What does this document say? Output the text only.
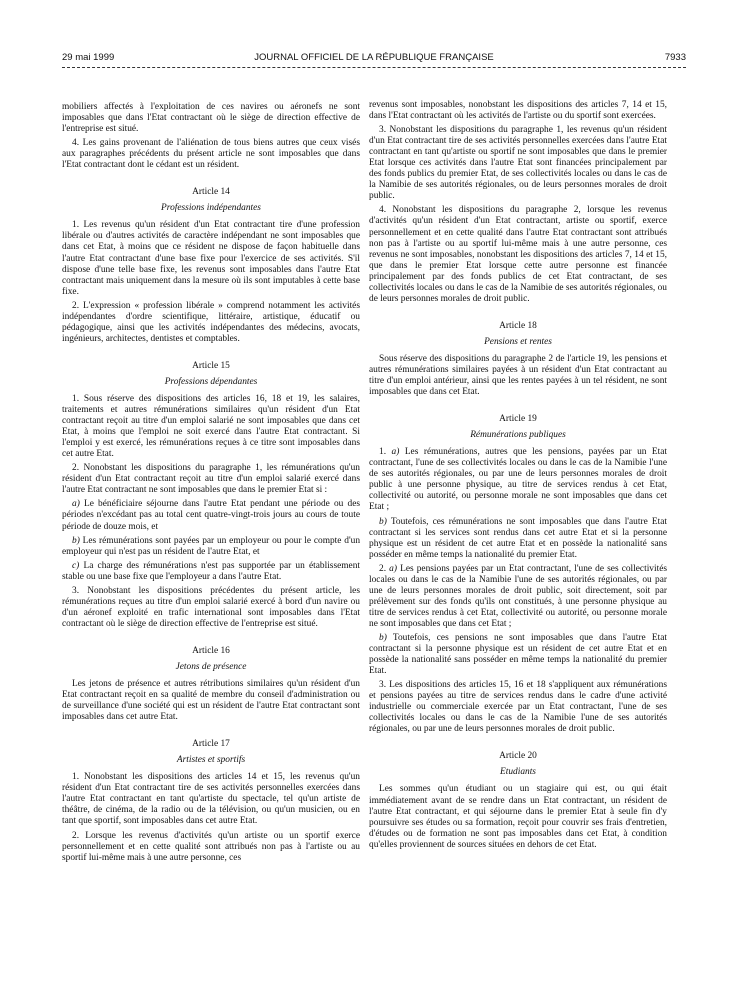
29 mai 1999	JOURNAL OFFICIEL DE LA RÉPUBLIQUE FRANÇAISE	7933

mobiliers affectés à l'exploitation de ces navires ou aéronefs ne sont imposables que dans l'Etat contractant où le siège de direction effective de l'entreprise est situé.

4. Les gains provenant de l'aliénation de tous biens autres que ceux visés aux paragraphes précédents du présent article ne sont imposables que dans l'Etat contractant dont le cédant est un résident.

Article 14
Professions indépendantes

1. Les revenus qu'un résident d'un Etat contractant tire d'une profession libérale ou d'autres activités de caractère indépendant ne sont imposables que dans cet Etat, à moins que ce résident ne dispose de façon habituelle dans l'autre Etat contractant d'une base fixe pour l'exercice de ses activités. S'il dispose d'une telle base fixe, les revenus sont imposables dans l'autre Etat contractant mais uniquement dans la mesure où ils sont imputables à cette base fixe.

2. L'expression « profession libérale » comprend notamment les activités indépendantes d'ordre scientifique, littéraire, artistique, éducatif ou pédagogique, ainsi que les activités indépendantes des médecins, avocats, ingénieurs, architectes, dentistes et comptables.

Article 15
Professions dépendantes

1. Sous réserve des dispositions des articles 16, 18 et 19, les salaires, traitements et autres rémunérations similaires qu'un résident d'un Etat contractant reçoit au titre d'un emploi salarié ne sont imposables que dans cet Etat, à moins que l'emploi ne soit exercé dans l'autre Etat contractant. Si l'emploi y est exercé, les rémunérations reçues à ce titre sont imposables dans cet autre Etat.

2. Nonobstant les dispositions du paragraphe 1, les rémunérations qu'un résident d'un Etat contractant reçoit au titre d'un emploi salarié exercé dans l'autre Etat contractant ne sont imposables que dans le premier Etat si :

a) Le bénéficiaire séjourne dans l'autre Etat pendant une période ou des périodes n'excédant pas au total cent quatre-vingt-trois jours au cours de toute période de douze mois, et

b) Les rémunérations sont payées par un employeur ou pour le compte d'un employeur qui n'est pas un résident de l'autre Etat, et

c) La charge des rémunérations n'est pas supportée par un établissement stable ou une base fixe que l'employeur a dans l'autre Etat.

3. Nonobstant les dispositions précédentes du présent article, les rémunérations reçues au titre d'un emploi salarié exercé à bord d'un navire ou d'un aéronef exploité en trafic international sont imposables dans l'Etat contractant où le siège de direction effective de l'entreprise est situé.

Article 16
Jetons de présence

Les jetons de présence et autres rétributions similaires qu'un résident d'un Etat contractant reçoit en sa qualité de membre du conseil d'administration ou de surveillance d'une société qui est un résident de l'autre Etat contractant sont imposables dans cet autre Etat.

Article 17
Artistes et sportifs

1. Nonobstant les dispositions des articles 14 et 15, les revenus qu'un résident d'un Etat contractant tire de ses activités personnelles exercées dans l'autre Etat contractant en tant qu'artiste du spectacle, tel qu'un artiste de théâtre, de cinéma, de la radio ou de la télévision, ou qu'un musicien, ou en tant que sportif, sont imposables dans cet autre Etat.

2. Lorsque les revenus d'activités qu'un artiste ou un sportif exerce personnellement et en cette qualité sont attribués non pas à l'artiste ou au sportif lui-même mais à une autre personne, ces

revenus sont imposables, nonobstant les dispositions des articles 7, 14 et 15, dans l'Etat contractant où les activités de l'artiste ou du sportif sont exercées.

3. Nonobstant les dispositions du paragraphe 1, les revenus qu'un résident d'un Etat contractant tire de ses activités personnelles exercées dans l'autre Etat contractant en tant qu'artiste ou sportif ne sont imposables que dans le premier Etat lorsque ces activités dans l'autre Etat sont financées principalement par des fonds publics du premier Etat, de ses collectivités locales ou dans le cas de la Namibie de ses autorités régionales, ou de leurs personnes morales de droit public.

4. Nonobstant les dispositions du paragraphe 2, lorsque les revenus d'activités qu'un résident d'un Etat contractant, artiste ou sportif, exerce personnellement et en cette qualité dans l'autre Etat contractant sont attribués non pas à l'artiste ou au sportif lui-même mais à une autre personne, ces revenus ne sont imposables, nonobstant les dispositions des articles 7, 14 et 15, que dans le premier Etat lorsque cette autre personne est financée principalement par des fonds publics de cet Etat contractant, de ses collectivités locales ou dans le cas de la Namibie de ses autorités régionales, ou de leurs personnes morales de droit public.

Article 18
Pensions et rentes

Sous réserve des dispositions du paragraphe 2 de l'article 19, les pensions et autres rémunérations similaires payées à un résident d'un Etat contractant au titre d'un emploi antérieur, ainsi que les rentes payées à un tel résident, ne sont imposables que dans cet Etat.

Article 19
Rémunérations publiques

1. a) Les rémunérations, autres que les pensions, payées par un Etat contractant, l'une de ses collectivités locales ou dans le cas de la Namibie l'une de ses autorités régionales, ou par une de leurs personnes morales de droit public à une personne physique, au titre de services rendus à cet Etat, collectivité ou autorité, ou personne morale ne sont imposables que dans cet Etat ;

b) Toutefois, ces rémunérations ne sont imposables que dans l'autre Etat contractant si les services sont rendus dans cet autre Etat et si la personne physique est un résident de cet autre Etat et en possède la nationalité sans posséder en même temps la nationalité du premier Etat.

2. a) Les pensions payées par un Etat contractant, l'une de ses collectivités locales ou dans le cas de la Namibie l'une de ses autorités régionales, ou par une de leurs personnes morales de droit public, soit directement, soit par prélèvement sur des fonds qu'ils ont constitués, à une personne physique au titre de services rendus à cet Etat, collectivité ou autorité, ou personne morale ne sont imposables que dans cet Etat ;

b) Toutefois, ces pensions ne sont imposables que dans l'autre Etat contractant si la personne physique est un résident de cet autre Etat et en possède la nationalité sans posséder en même temps la nationalité du premier Etat.

3. Les dispositions des articles 15, 16 et 18 s'appliquent aux rémunérations et pensions payées au titre de services rendus dans le cadre d'une activité industrielle ou commerciale exercée par un Etat contractant, l'une de ses collectivités locales ou dans le cas de la Namibie l'une de ses autorités régionales, ou par une de leurs personnes morales de droit public.

Article 20
Etudiants

Les sommes qu'un étudiant ou un stagiaire qui est, ou qui était immédiatement avant de se rendre dans un Etat contractant, un résident de l'autre Etat contractant, et qui séjourne dans le premier Etat à seule fin d'y poursuivre ses études ou sa formation, reçoit pour couvrir ses frais d'entretien, d'études ou de formation ne sont pas imposables dans cet Etat, à condition qu'elles proviennent de sources situées en dehors de cet Etat.
